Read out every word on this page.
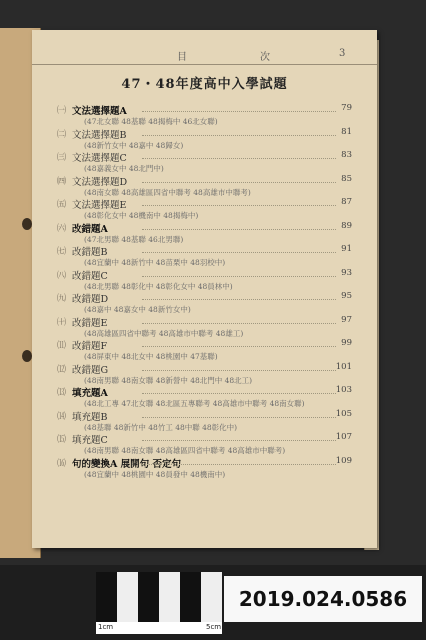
目	次	3
47・48年度高中入學試題
㈠ 文法選擇題A	79
(47北女聯 48基聯 48揭梅中 46北女聯)
㈡ 文法選擇題B	81
(48新竹女中 48嘉中 48歸女)
㈢ 文法選擇題C	83
(48嘉義女中 48北門中)
㈣ 文法選擇題D	85
(48南女聯 48高雄區四省中聯考 48高雄市中聯考)
㈤ 文法選擇題E	87
(48彰化女中 48機南中 48揭梅中)
㈥ 改錯題A	89
(47北男聯 48基聯 46北男聯)
㈦ 改錯題B	91
(48宜蘭中 48新竹中 48苗栗中 48羽校中)
㈧ 改錯題C	93
(48北男聯 48彰化中 48彰化女中 48員林中)
㈨ 改錯題D	95
(48嘉中 48嘉女中 48新竹女中)
㈩ 改錯題E	97
(48高雄區四省中聯考 48高雄市中聯考 48雄工)
⑾ 改錯題F	99
(48屏東中 48北女中 48桃園中 47基聯)
⑿ 改錯題G	101
(48南男聯 48南女聯 48新營中 48北門中 48北工)
⒀ 填充題A	103
(48北工專 47北女聯 48北區五專聯考 48高雄市中聯考 48南女聯)
⒁ 填充題B	105
(48基聯 48新竹中 48竹工 48中聯 48彰化中)
⒂ 填充題C	107
(48南男聯 48南女聯 48高雄區四省中聯考 48高雄市中聯考)
⒃ 句的變換A 展開句 否定句	109
(48宜蘭中 48桃園中 48員發中 48機南中)
1cm	5cm
2019.024.0586
